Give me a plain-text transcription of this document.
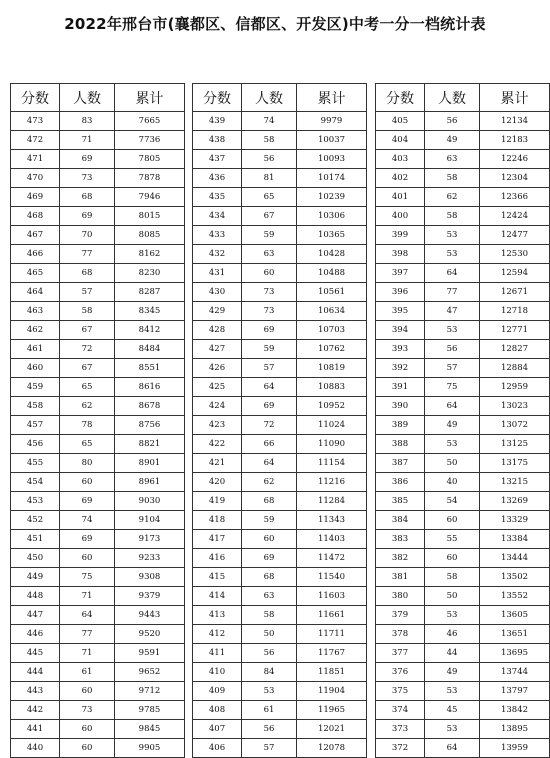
2022年邢台市(襄都区、信都区、开发区)中考一分一档统计表
分数	人数	累计
473	83	7665
472	71	7736
471	69	7805
470	73	7878
469	68	7946
468	69	8015
467	70	8085
466	77	8162
465	68	8230
464	57	8287
463	58	8345
462	67	8412
461	72	8484
460	67	8551
459	65	8616
458	62	8678
457	78	8756
456	65	8821
455	80	8901
454	60	8961
453	69	9030
452	74	9104
451	69	9173
450	60	9233
449	75	9308
448	71	9379
447	64	9443
446	77	9520
445	71	9591
444	61	9652
443	60	9712
442	73	9785
441	60	9845
440	60	9905
分数	人数	累计
439	74	9979
438	58	10037
437	56	10093
436	81	10174
435	65	10239
434	67	10306
433	59	10365
432	63	10428
431	60	10488
430	73	10561
429	73	10634
428	69	10703
427	59	10762
426	57	10819
425	64	10883
424	69	10952
423	72	11024
422	66	11090
421	64	11154
420	62	11216
419	68	11284
418	59	11343
417	60	11403
416	69	11472
415	68	11540
414	63	11603
413	58	11661
412	50	11711
411	56	11767
410	84	11851
409	53	11904
408	61	11965
407	56	12021
406	57	12078
分数	人数	累计
405	56	12134
404	49	12183
403	63	12246
402	58	12304
401	62	12366
400	58	12424
399	53	12477
398	53	12530
397	64	12594
396	77	12671
395	47	12718
394	53	12771
393	56	12827
392	57	12884
391	75	12959
390	64	13023
389	49	13072
388	53	13125
387	50	13175
386	40	13215
385	54	13269
384	60	13329
383	55	13384
382	60	13444
381	58	13502
380	50	13552
379	53	13605
378	46	13651
377	44	13695
376	49	13744
375	53	13797
374	45	13842
373	53	13895
372	64	13959
